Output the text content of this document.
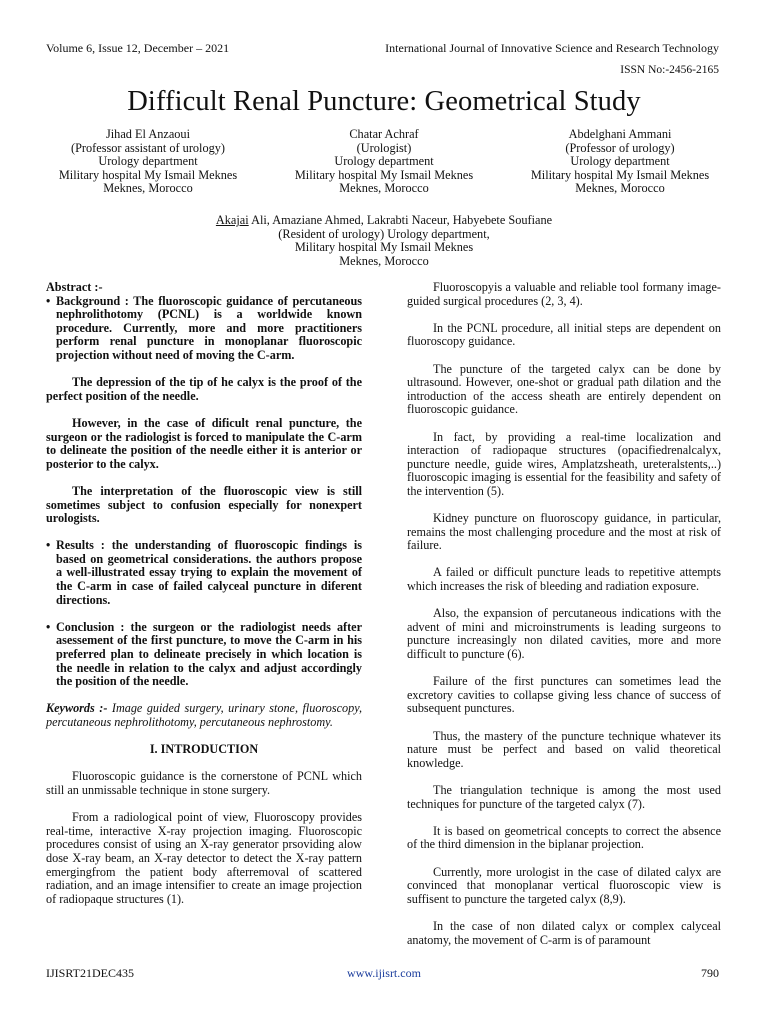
Volume 6, Issue 12, December – 2021	International Journal of Innovative Science and Research Technology
ISSN No:-2456-2165
Difficult Renal Puncture: Geometrical Study
Jihad El Anzaoui
(Professor assistant of urology)
Urology department
Military hospital My Ismail Meknes
Meknes, Morocco
Chatar Achraf
(Urologist)
Urology department
Military hospital My Ismail Meknes
Meknes, Morocco
Abdelghani Ammani
(Professor of urology)
Urology department
Military hospital My Ismail Meknes
Meknes, Morocco
Akajai Ali, Amaziane Ahmed, Lakrabti Naceur, Habyebete Soufiane
(Resident of urology) Urology department,
Military hospital My Ismail Meknes
Meknes, Morocco

Abstract :-

• Background : The fluoroscopic guidance of percutaneous nephrolithotomy (PCNL) is a worldwide known procedure. Currently, more and more practitioners perform renal puncture in monoplanar fluoroscopic projection without need of moving the C-arm.

The depression of the tip of he calyx is the proof of the perfect position of the needle.

However, in the case of dificult renal puncture, the surgeon or the radiologist is forced to manipulate the C-arm to delineate the position of the needle either it is anterior or posterior to the calyx.

The interpretation of the fluoroscopic view is still sometimes subject to confusion especially for nonexpert urologists.

• Results : the understanding of fluoroscopic findings is based on geometrical considerations. the authors propose a well-illustrated essay trying to explain the movement of the C-arm in case of failed calyceal puncture in diferent directions.
• Conclusion : the surgeon or the radiologist needs after asessement of the first puncture, to move the C-arm in his preferred plan to delineate precisely in which location is the needle in relation to the calyx and adjust accordingly the position of the needle.

Keywords :- Image guided surgery, urinary stone, fluoroscopy, percutaneous nephrolithotomy, percutaneous nephrostomy.

I. INTRODUCTION

Fluoroscopic guidance is the cornerstone of PCNL which still an unmissable technique in stone surgery.

From a radiological point of view, Fluoroscopy provides real-time, interactive X-ray projection imaging. Fluoroscopic procedures consist of using an X-ray generator prsoviding alow dose X-ray beam, an X-ray detector to detect the X-ray pattern emergingfrom the patient body afterremoval of scattered radiation, and an image intensifier to create an image projection of radiopaque structures (1).

Fluoroscopyis a valuable and reliable tool formany image-guided surgical procedures (2, 3, 4).

In the PCNL procedure, all initial steps are dependent on fluoroscopy guidance.

The puncture of the targeted calyx can be done by ultrasound. However, one-shot or gradual path dilation and the introduction of the access sheath are entirely dependent on fluoroscopic guidance.

In fact, by providing a real-time localization and interaction of radiopaque structures (opacifiedrenalcalyx, puncture needle, guide wires, Amplatzsheath, ureteralstents,..) fluoroscopic imaging is essential for the feasibility and safety of the intervention (5).

Kidney puncture on fluoroscopy guidance, in particular, remains the most challenging procedure and the most at risk of failure.

A failed or difficult puncture leads to repetitive attempts which increases the risk of bleeding and radiation exposure.

Also, the expansion of percutaneous indications with the advent of mini and microinstruments is leading surgeons to puncture increasingly non dilated cavities, more and more difficult to puncture (6).

Failure of the first punctures can sometimes lead the excretory cavities to collapse giving less chance of success of subsequent punctures.

Thus, the mastery of the puncture technique whatever its nature must be perfect and based on valid theoretical knowledge.

The triangulation technique is among the most used techniques for puncture of the targeted calyx (7).

It is based on geometrical concepts to correct the absence of the third dimension in the biplanar projection.

Currently, more urologist in the case of dilated calyx are convinced that monoplanar vertical fluoroscopic view is suffisent to puncture the targeted calyx (8,9).

In the case of non dilated calyx or complex calyceal anatomy, the movement of C-arm is of paramount

IJISRT21DEC435	www.ijisrt.com	790
